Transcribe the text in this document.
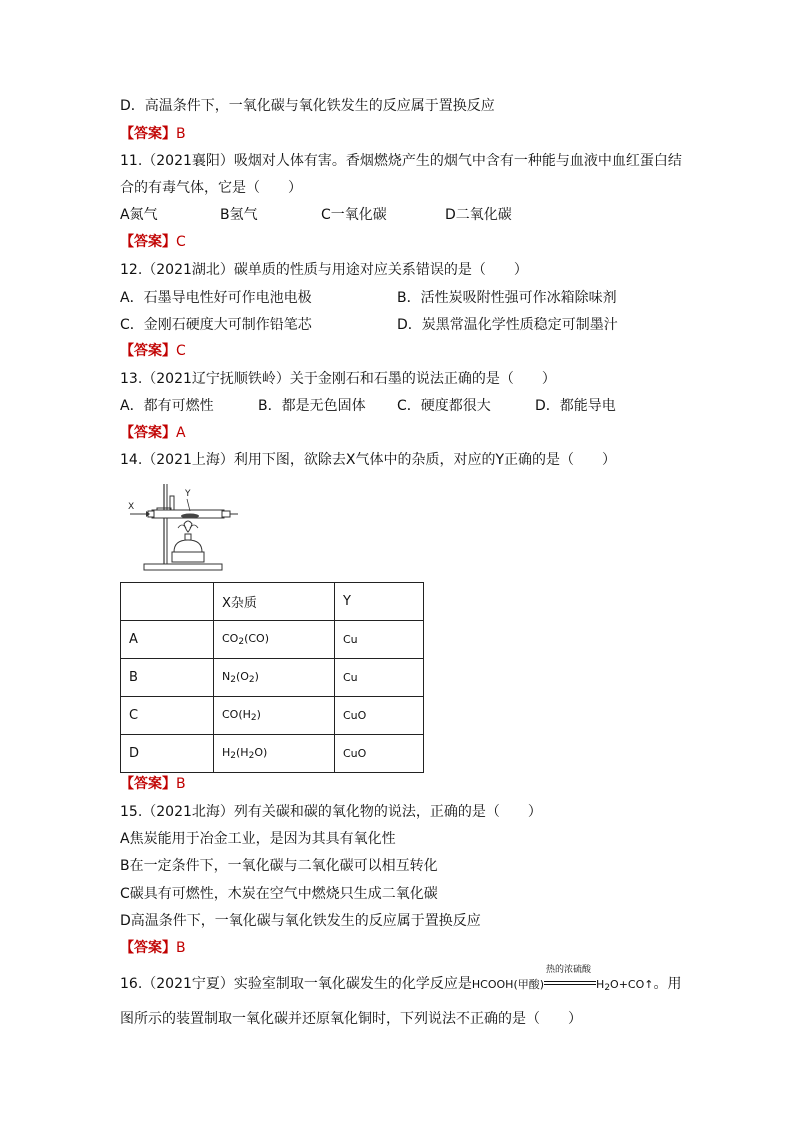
D．高温条件下，一氧化碳与氧化铁发生的反应属于置换反应
【答案】B
11.（2021襄阳）吸烟对人体有害。香烟燃烧产生的烟气中含有一种能与血液中血红蛋白结
合的有毒气体，它是（　　）
A氮气	B氢气	C一氧化碳	D二氧化碳
【答案】C
12.（2021湖北）碳单质的性质与用途对应关系错误的是（　　）
A．石墨导电性好可作电池电极	B．活性炭吸附性强可作冰箱除味剂
C．金刚石硬度大可制作铅笔芯	D．炭黑常温化学性质稳定可制墨汁
【答案】C
13.（2021辽宁抚顺铁岭）关于金刚石和石墨的说法正确的是（　　）
A．都有可燃性	B．都是无色固体 C．硬度都很大	D．都能导电
【答案】A
14.（2021上海）利用下图，欲除去X气体中的杂质，对应的Y正确的是（　　）
X
Y
	X杂质	Y
A	$CO_2(CO)$	Cu
B	$N_2(O_2)$	Cu
C	$CO(H_2)$	CuO
D	$H_2(H_2O)$	CuO
【答案】B
15.（2021北海）列有关碳和碳的氧化物的说法，正确的是（　　）
A焦炭能用于冶金工业，是因为其具有氧化性
B在一定条件下，一氧化碳与二氧化碳可以相互转化
C碳具有可燃性，木炭在空气中燃烧只生成二氧化碳
D高温条件下，一氧化碳与氧化铁发生的反应属于置换反应
【答案】B
16.（2021宁夏）实验室制取一氧化碳发生的化学反应是HCOOH(甲酸)
热的浓硫酸
$H_2O+CO↑$。用
图所示的装置制取一氧化碳并还原氧化铜时，下列说法不正确的是（　　）
